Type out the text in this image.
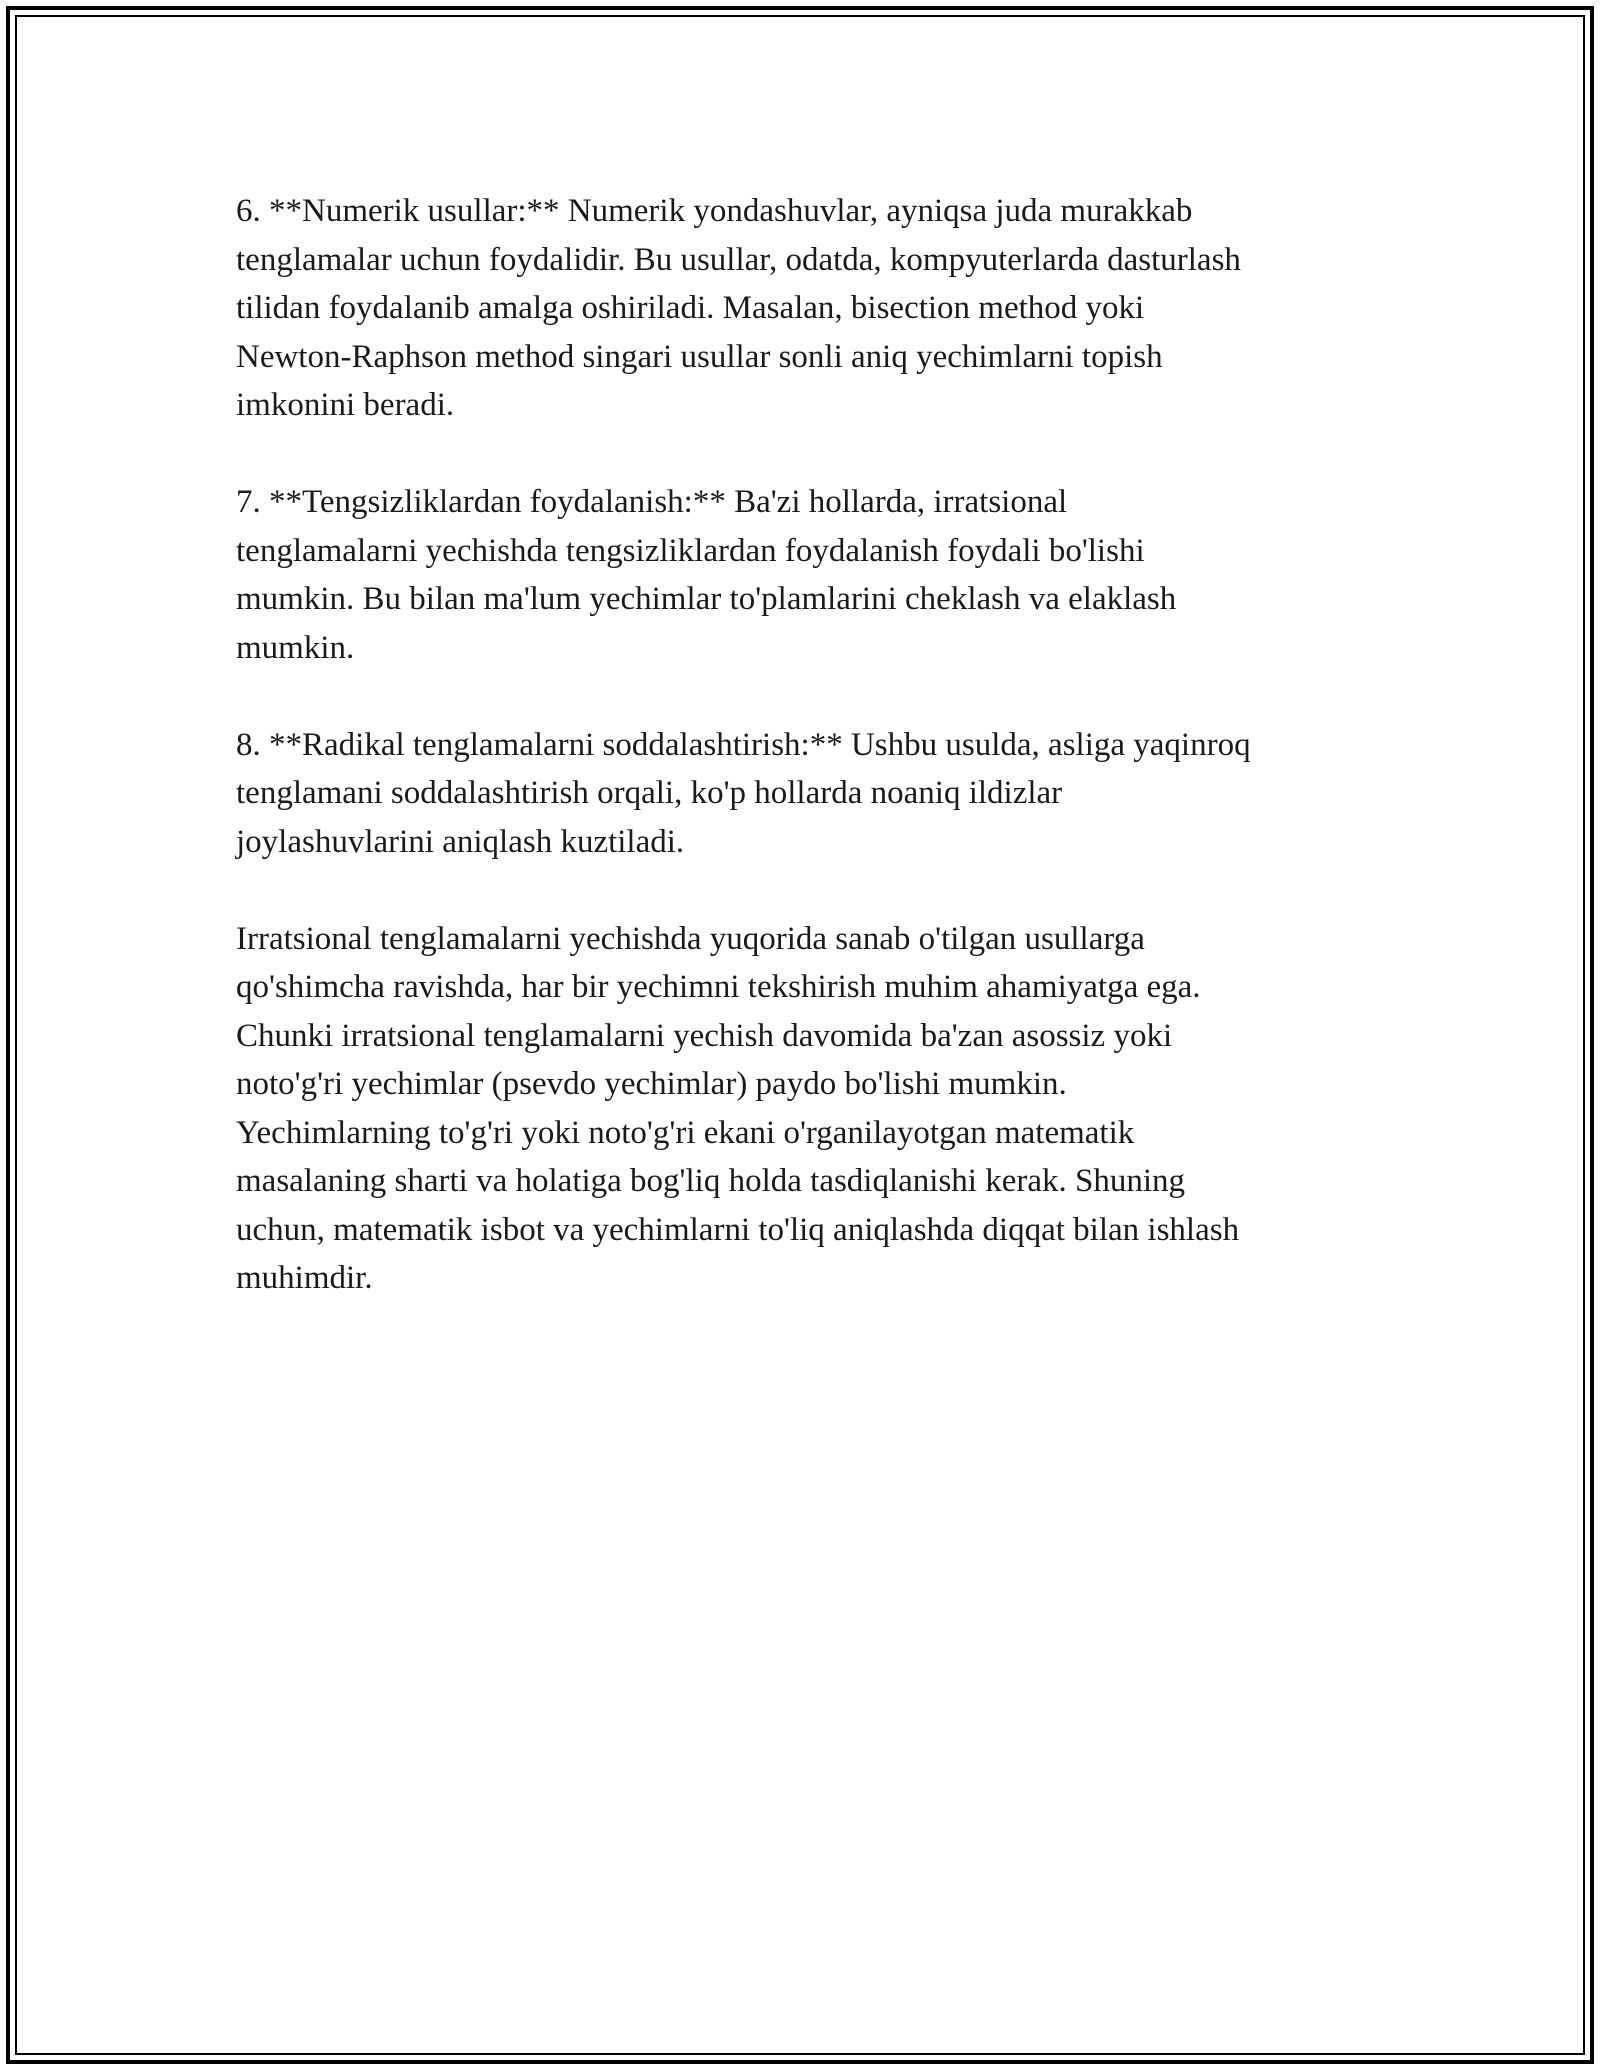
6. **Numerik usullar:** Numerik yondashuvlar, ayniqsa juda murakkab
tenglamalar uchun foydalidir. Bu usullar, odatda, kompyuterlarda dasturlash
tilidan foydalanib amalga oshiriladi. Masalan, bisection method yoki
Newton-Raphson method singari usullar sonli aniq yechimlarni topish
imkonini beradi.

7. **Tengsizliklardan foydalanish:** Ba'zi hollarda, irratsional
tenglamalarni yechishda tengsizliklardan foydalanish foydali bo'lishi
mumkin. Bu bilan ma'lum yechimlar to'plamlarini cheklash va elaklash
mumkin.

8. **Radikal tenglamalarni soddalashtirish:** Ushbu usulda, asliga yaqinroq
tenglamani soddalashtirish orqali, ko'p hollarda noaniq ildizlar
joylashuvlarini aniqlash kuztiladi.

Irratsional tenglamalarni yechishda yuqorida sanab o'tilgan usullarga
qo'shimcha ravishda, har bir yechimni tekshirish muhim ahamiyatga ega.
Chunki irratsional tenglamalarni yechish davomida ba'zan asossiz yoki
noto'g'ri yechimlar (psevdo yechimlar) paydo bo'lishi mumkin.
Yechimlarning to'g'ri yoki noto'g'ri ekani o'rganilayotgan matematik
masalaning sharti va holatiga bog'liq holda tasdiqlanishi kerak. Shuning
uchun, matematik isbot va yechimlarni to'liq aniqlashda diqqat bilan ishlash
muhimdir.
